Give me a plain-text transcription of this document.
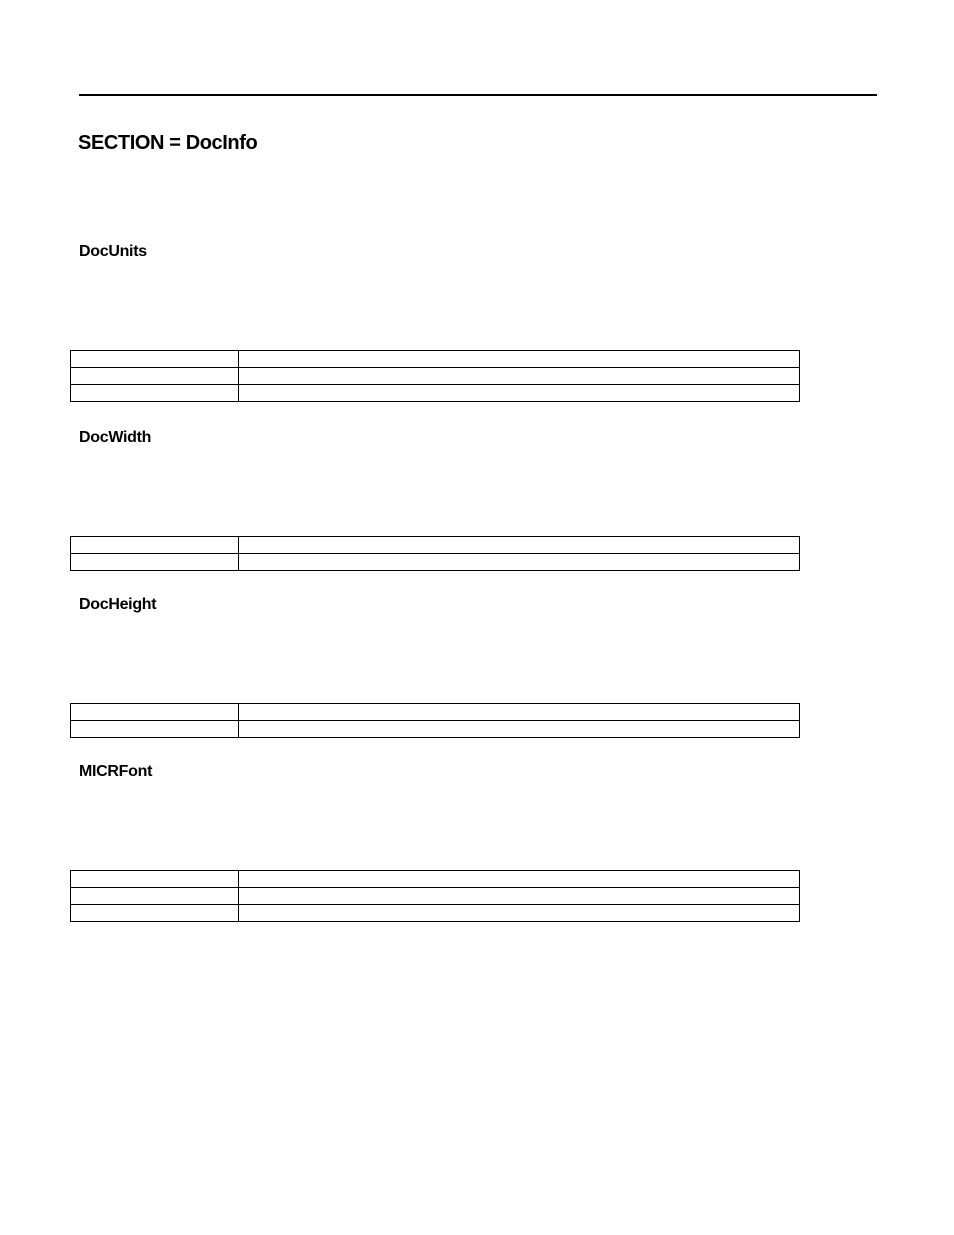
SECTION = DocInfo
DocUnits

DocWidth

DocHeight

MICRFont
